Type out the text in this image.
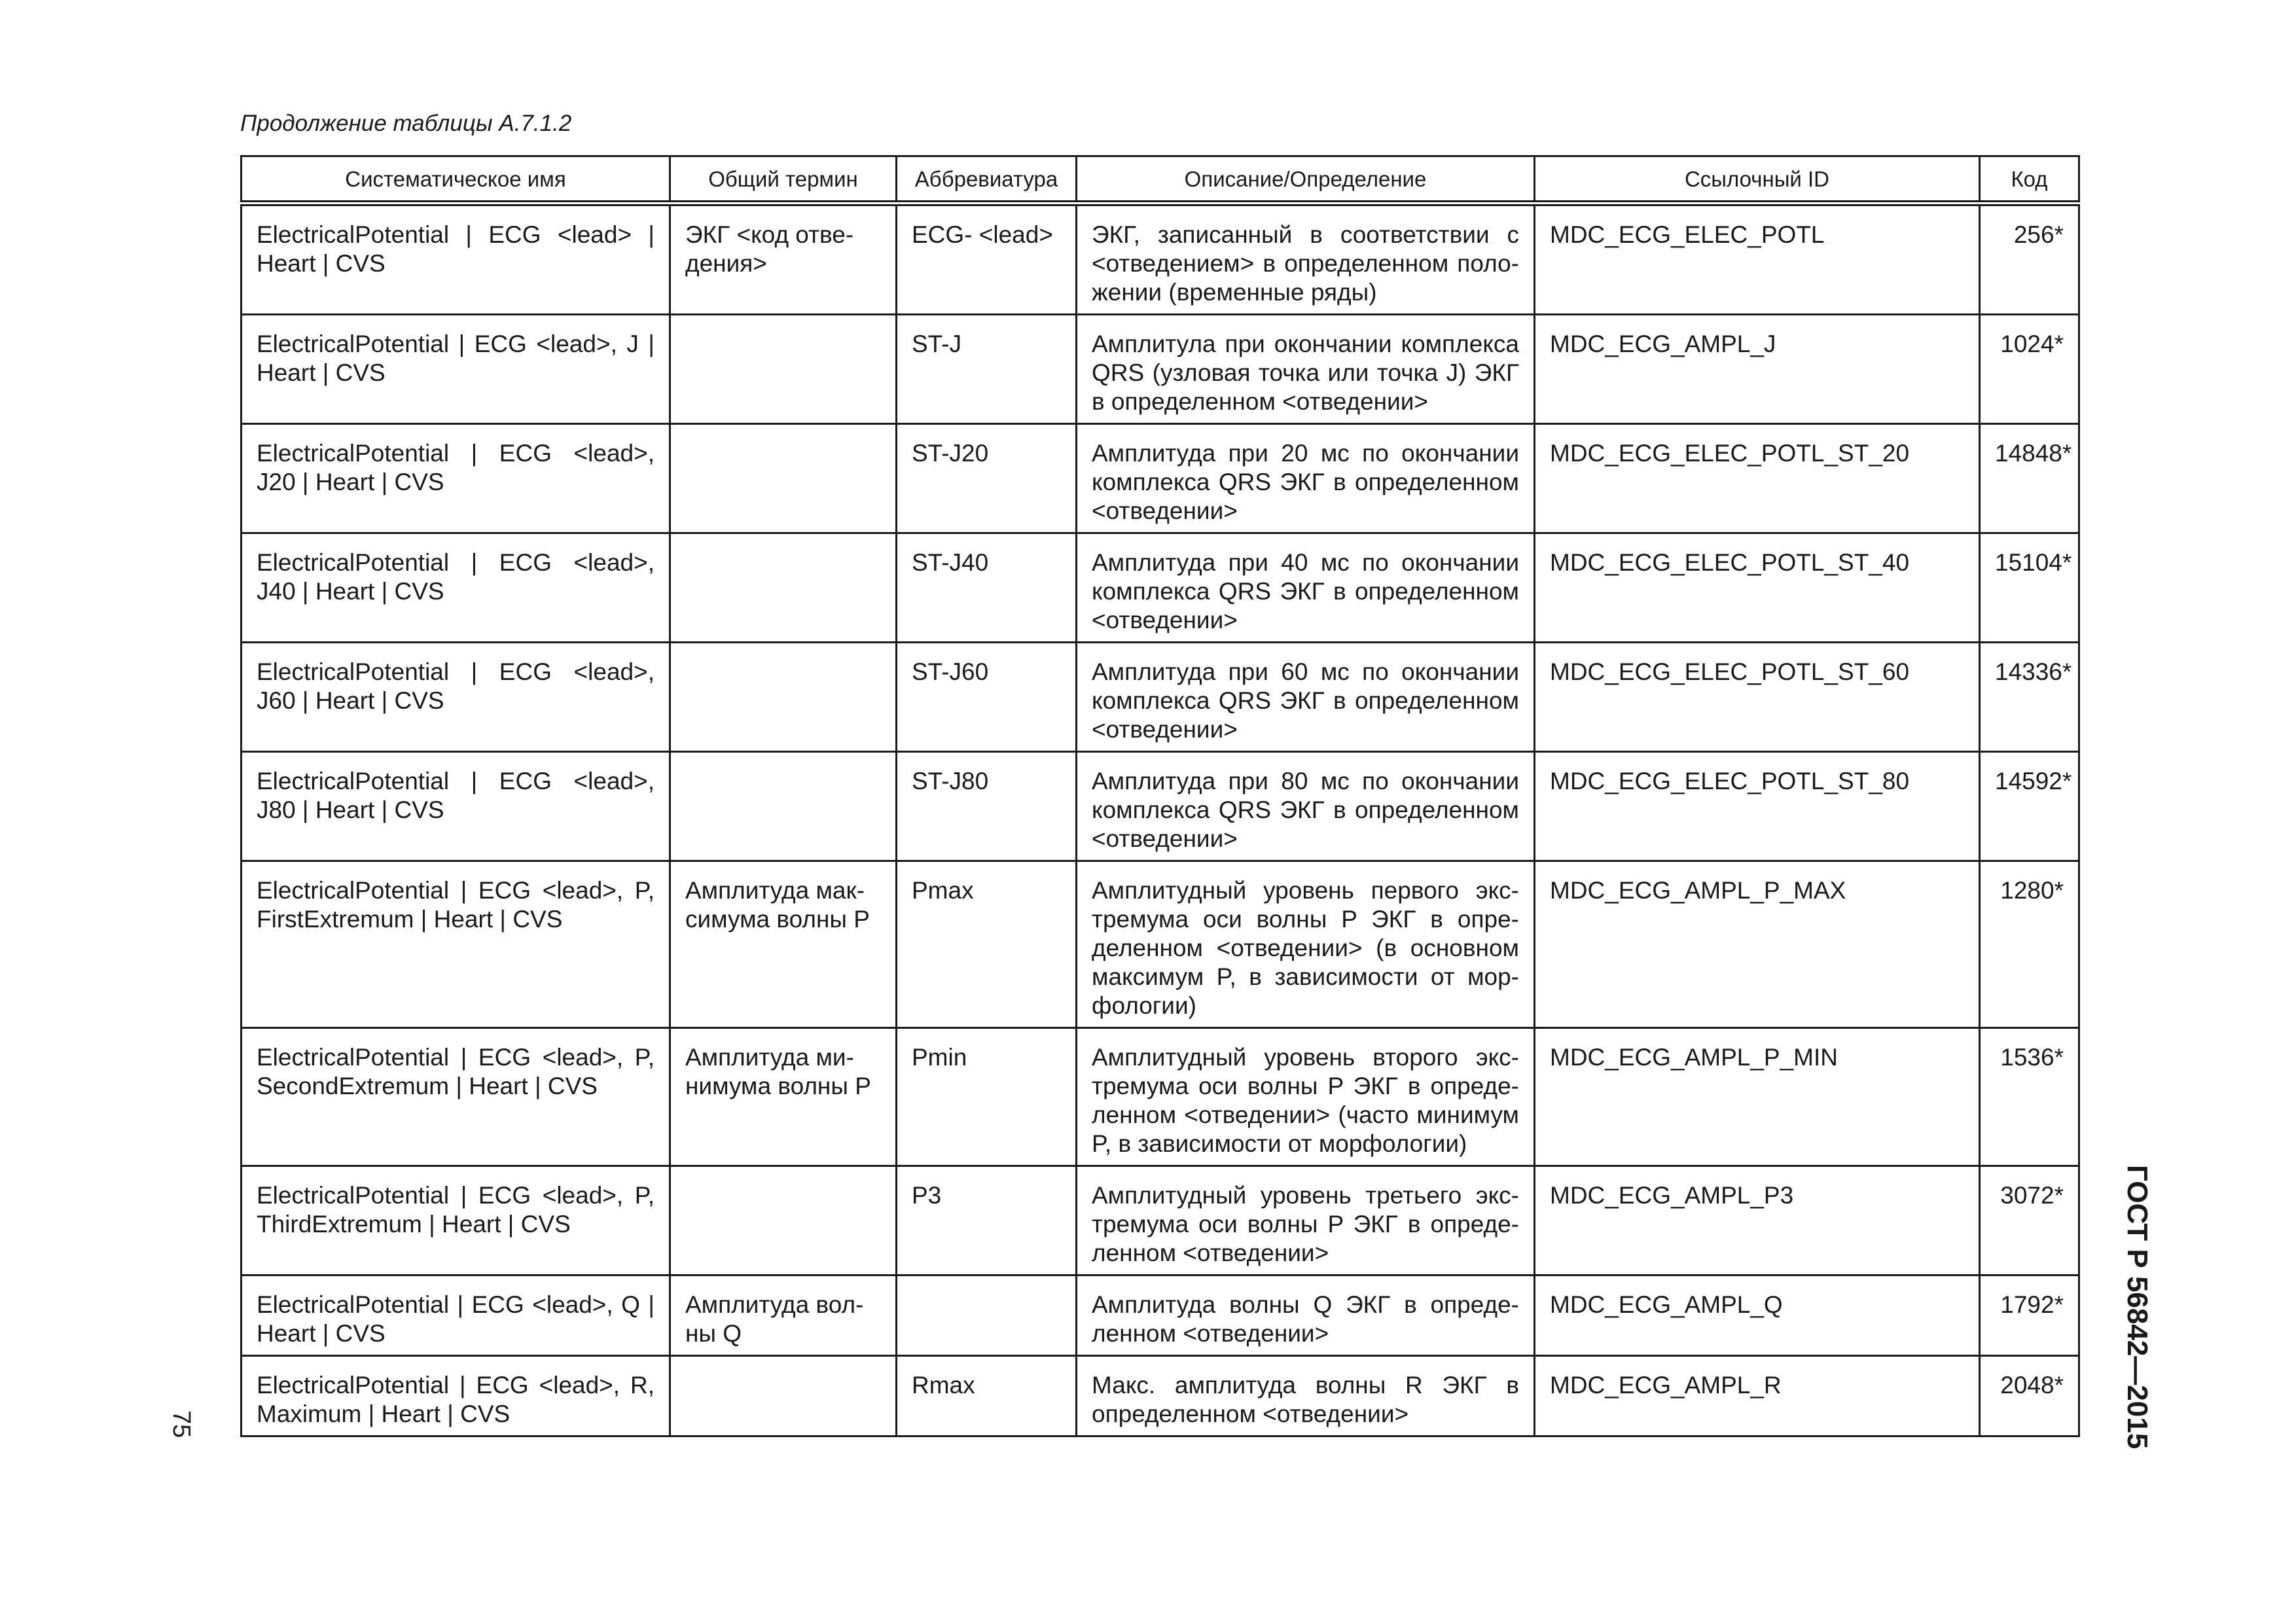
Продолжение таблицы А.7.1.2

Систематическое имя	Общий термин	Аббревиатура	Описание/Определение	Ссылочный ID	Код
ElectricalPotential | ECG <lead> | Heart | CVS	ЭКГ <код отве-дения>	ECG- <lead>	ЭКГ, записанный в соответствии с <отведением> в определенном поло-жении (временные ряды)	MDC_ECG_ELEC_POTL	256*
ElectricalPotential | ECG <lead>, J | Heart | CVS		ST-J	Амплитула при окончании комплекса QRS (узловая точка или точка J) ЭКГ в определенном <отведении>	MDC_ECG_AMPL_J	1024*
ElectricalPotential | ECG <lead>, J20 | Heart | CVS		ST-J20	Амплитуда при 20 мс по окончании комплекса QRS ЭКГ в определенном <отведении>	MDC_ECG_ELEC_POTL_ST_20	14848*
ElectricalPotential | ECG <lead>, J40 | Heart | CVS		ST-J40	Амплитуда при 40 мс по окончании комплекса QRS ЭКГ в определенном <отведении>	MDC_ECG_ELEC_POTL_ST_40	15104*
ElectricalPotential | ECG <lead>, J60 | Heart | CVS		ST-J60	Амплитуда при 60 мс по окончании комплекса QRS ЭКГ в определенном <отведении>	MDC_ECG_ELEC_POTL_ST_60	14336*
ElectricalPotential | ECG <lead>, J80 | Heart | CVS		ST-J80	Амплитуда при 80 мс по окончании комплекса QRS ЭКГ в определенном <отведении>	MDC_ECG_ELEC_POTL_ST_80	14592*
ElectricalPotential | ECG <lead>, P, FirstExtremum | Heart | CVS	Амплитуда мак-симума волны P	Pmax	Амплитудный уровень первого экс-тремума оси волны P ЭКГ в опре-деленном <отведении> (в основном максимум P, в зависимости от мор-фологии)	MDC_ECG_AMPL_P_MAX	1280*
ElectricalPotential | ECG <lead>, P, SecondExtremum | Heart | CVS	Амплитуда ми-нимума волны P	Pmin	Амплитудный уровень второго экс-тремума оси волны P ЭКГ в опреде-ленном <отведении> (часто минимум P, в зависимости от морфологии)	MDC_ECG_AMPL_P_MIN	1536*
ElectricalPotential | ECG <lead>, P, ThirdExtremum | Heart | CVS		P3	Амплитудный уровень третьего экс-тремума оси волны P ЭКГ в опреде-ленном <отведении>	MDC_ECG_AMPL_P3	3072*
ElectricalPotential | ECG <lead>, Q | Heart | CVS	Амплитуда вол-ны Q		Амплитуда волны Q ЭКГ в опреде-ленном <отведении>	MDC_ECG_AMPL_Q	1792*
ElectricalPotential | ECG <lead>, R, Maximum | Heart | CVS		Rmax	Макс. амплитуда волны R ЭКГ в определенном <отведении>	MDC_ECG_AMPL_R	2048*

75	ГОСТ Р 56842—2015
